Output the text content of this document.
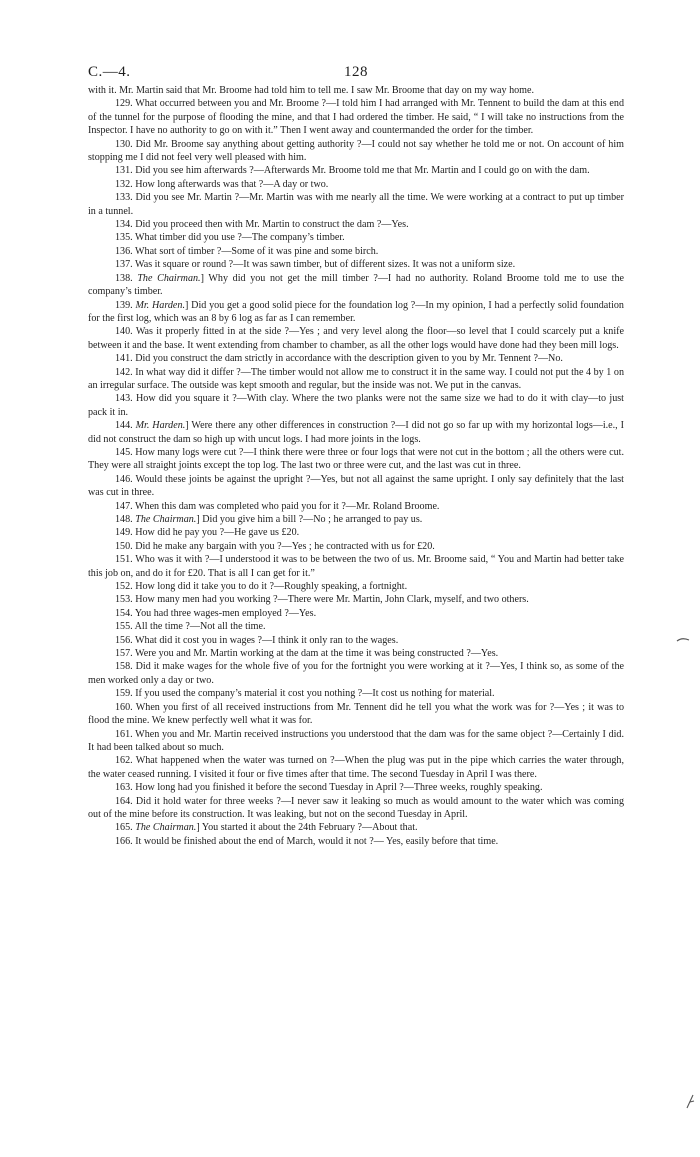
C.—4.	128

with it. Mr. Martin said that Mr. Broome had told him to tell me. I saw Mr. Broome that day on my way home.

129. What occurred between you and Mr. Broome ?—I told him I had arranged with Mr. Tennent to build the dam at this end of the tunnel for the purpose of flooding the mine, and that I had ordered the timber. He said, “ I will take no instructions from the Inspector. I have no authority to go on with it.” Then I went away and countermanded the order for the timber.

130. Did Mr. Broome say anything about getting authority ?—I could not say whether he told me or not. On account of him stopping me I did not feel very well pleased with him.

131. Did you see him afterwards ?—Afterwards Mr. Broome told me that Mr. Martin and I could go on with the dam.

132. How long afterwards was that ?—A day or two.

133. Did you see Mr. Martin ?—Mr. Martin was with me nearly all the time. We were working at a contract to put up timber in a tunnel.

134. Did you proceed then with Mr. Martin to construct the dam ?—Yes.

135. What timber did you use ?—The company’s timber.

136. What sort of timber ?—Some of it was pine and some birch.

137. Was it square or round ?—It was sawn timber, but of different sizes. It was not a uniform size.

138. The Chairman.] Why did you not get the mill timber ?—I had no authority. Roland Broome told me to use the company’s timber.

139. Mr. Harden.] Did you get a good solid piece for the foundation log ?—In my opinion, I had a perfectly solid foundation for the first log, which was an 8 by 6 log as far as I can remember.

140. Was it properly fitted in at the side ?—Yes ; and very level along the floor—so level that I could scarcely put a knife between it and the base. It went extending from chamber to chamber, as all the other logs would have done had they been mill logs.

141. Did you construct the dam strictly in accordance with the description given to you by Mr. Tennent ?—No.

142. In what way did it differ ?—The timber would not allow me to construct it in the same way. I could not put the 4 by 1 on an irregular surface. The outside was kept smooth and regular, but the inside was not. We put in the canvas.

143. How did you square it ?—With clay. Where the two planks were not the same size we had to do it with clay—to just pack it in.

144. Mr. Harden.] Were there any other differences in construction ?—I did not go so far up with my horizontal logs—i.e., I did not construct the dam so high up with uncut logs. I had more joints in the logs.

145. How many logs were cut ?—I think there were three or four logs that were not cut in the bottom ; all the others were cut. They were all straight joints except the top log. The last two or three were cut, and the last was cut in three.

146. Would these joints be against the upright ?—Yes, but not all against the same upright. I only say definitely that the last was cut in three.

147. When this dam was completed who paid you for it ?—Mr. Roland Broome.

148. The Chairman.] Did you give him a bill ?—No ; he arranged to pay us.

149. How did he pay you ?—He gave us £20.

150. Did he make any bargain with you ?—Yes ; he contracted with us for £20.

151. Who was it with ?—I understood it was to be between the two of us. Mr. Broome said, “ You and Martin had better take this job on, and do it for £20. That is all I can get for it.”

152. How long did it take you to do it ?—Roughly speaking, a fortnight.

153. How many men had you working ?—There were Mr. Martin, John Clark, myself, and two others.

154. You had three wages-men employed ?—Yes.

155. All the time ?—Not all the time.

156. What did it cost you in wages ?—I think it only ran to the wages.

157. Were you and Mr. Martin working at the dam at the time it was being constructed ?—Yes.

158. Did it make wages for the whole five of you for the fortnight you were working at it ?—Yes, I think so, as some of the men worked only a day or two.

159. If you used the company’s material it cost you nothing ?—It cost us nothing for material.

160. When you first of all received instructions from Mr. Tennent did he tell you what the work was for ?—Yes ; it was to flood the mine. We knew perfectly well what it was for.

161. When you and Mr. Martin received instructions you understood that the dam was for the same object ?—Certainly I did. It had been talked about so much.

162. What happened when the water was turned on ?—When the plug was put in the pipe which carries the water through, the water ceased running. I visited it four or five times after that time. The second Tuesday in April I was there.

163. How long had you finished it before the second Tuesday in April ?—Three weeks, roughly speaking.

164. Did it hold water for three weeks ?—I never saw it leaking so much as would amount to the water which was coming out of the mine before its construction. It was leaking, but not on the second Tuesday in April.

165. The Chairman.] You started it about the 24th February ?—About that.

166. It would be finished about the end of March, would it not ?— Yes, easily before that time.
